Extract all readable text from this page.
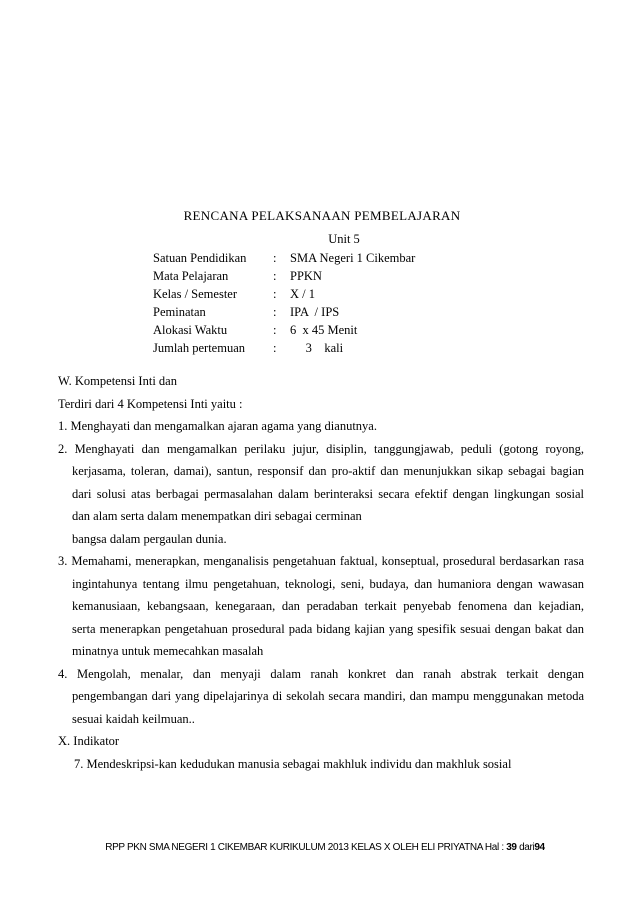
RENCANA PELAKSANAAN PEMBELAJARAN
Unit 5
Satuan Pendidikan	:	SMA Negeri 1 Cikembar
Mata Pelajaran	:	PPKN
Kelas / Semester	:	X / 1
Peminatan	:	IPA  / IPS
Alokasi Waktu	:	6  x 45 Menit
Jumlah pertemuan	:	3    kali
W. Kompetensi Inti dan
Terdiri dari 4 Kompetensi Inti yaitu :
1. Menghayati dan mengamalkan ajaran agama yang dianutnya.
2. Menghayati dan mengamalkan perilaku jujur, disiplin, tanggungjawab, peduli (gotong royong,
kerjasama, toleran, damai), santun, responsif dan pro-aktif dan menunjukkan sikap sebagai bagian
dari solusi atas berbagai permasalahan dalam berinteraksi secara efektif dengan lingkungan sosial
dan alam serta dalam menempatkan diri sebagai cerminan
bangsa dalam pergaulan dunia.
3. Memahami, menerapkan, menganalisis pengetahuan faktual, konseptual, prosedural berdasarkan rasa
ingintahunya tentang ilmu pengetahuan, teknologi, seni, budaya, dan humaniora dengan wawasan
kemanusiaan, kebangsaan, kenegaraan, dan peradaban terkait penyebab fenomena dan kejadian,
serta menerapkan pengetahuan prosedural pada bidang kajian yang spesifik sesuai dengan bakat dan
minatnya untuk memecahkan masalah
4. Mengolah, menalar, dan menyaji dalam ranah konkret dan ranah abstrak terkait dengan
pengembangan dari yang dipelajarinya di sekolah secara mandiri, dan mampu menggunakan metoda
sesuai kaidah keilmuan..
X. Indikator
7. Mendeskripsi-kan kedudukan manusia sebagai makhluk individu dan makhluk sosial
RPP PKN SMA NEGERI 1 CIKEMBAR KURIKULUM 2013 KELAS X OLEH ELI PRIYATNA Hal : 39 dari94
